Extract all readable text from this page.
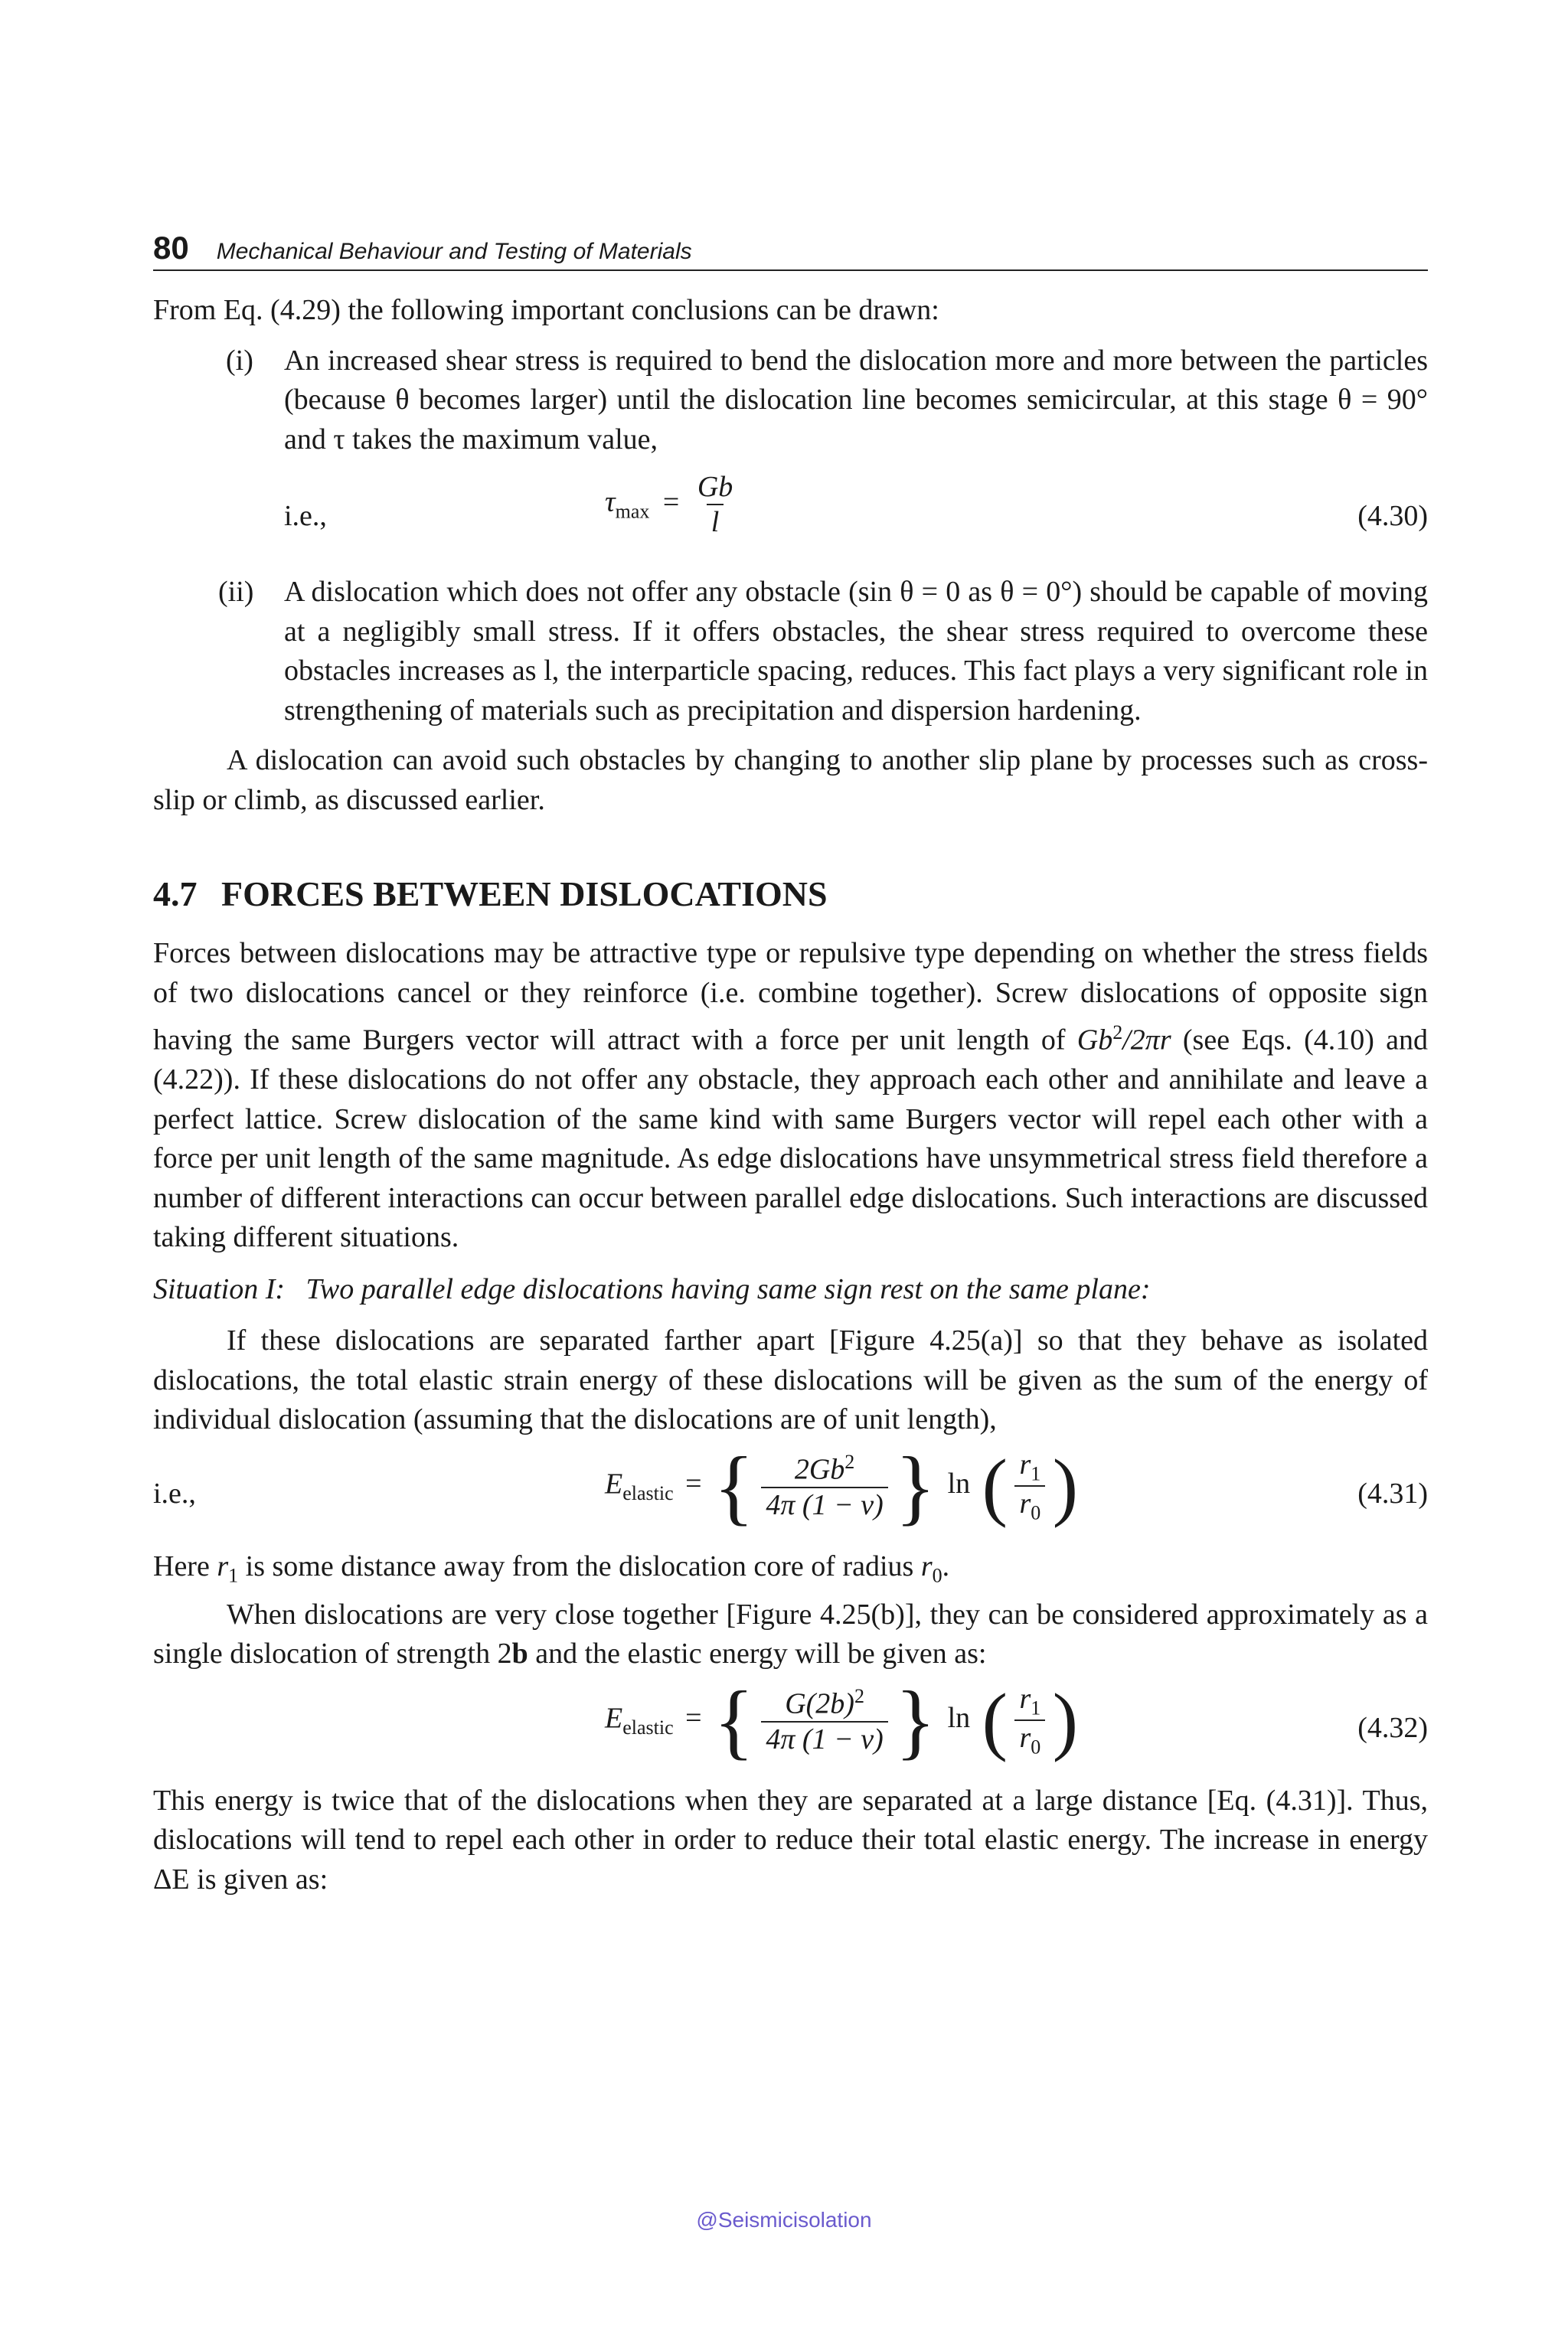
80 Mechanical Behaviour and Testing of Materials

From Eq. (4.29) the following important conclusions can be drawn:

(i) An increased shear stress is required to bend the dislocation more and more between the particles (because θ becomes larger) until the dislocation line becomes semicircular, at this stage θ = 90° and τ takes the maximum value,

i.e.,	$\tau_{max} = \frac{Gb}{l}$	(4.30)

(ii) A dislocation which does not offer any obstacle (sin θ = 0 as θ = 0°) should be capable of moving at a negligibly small stress. If it offers obstacles, the shear stress required to overcome these obstacles increases as l, the interparticle spacing, reduces. This fact plays a very significant role in strengthening of materials such as precipitation and dispersion hardening.

A dislocation can avoid such obstacles by changing to another slip plane by processes such as cross-slip or climb, as discussed earlier.

4.7 FORCES BETWEEN DISLOCATIONS

Forces between dislocations may be attractive type or repulsive type depending on whether the stress fields of two dislocations cancel or they reinforce (i.e. combine together). Screw dislocations of opposite sign having the same Burgers vector will attract with a force per unit length of Gb$^2$/2πr (see Eqs. (4.10) and (4.22)). If these dislocations do not offer any obstacle, they approach each other and annihilate and leave a perfect lattice. Screw dislocation of the same kind with same Burgers vector will repel each other with a force per unit length of the same magnitude. As edge dislocations have unsymmetrical stress field therefore a number of different interactions can occur between parallel edge dislocations. Such interactions are discussed taking different situations.

Situation I: Two parallel edge dislocations having same sign rest on the same plane:

If these dislocations are separated farther apart [Figure 4.25(a)] so that they behave as isolated dislocations, the total elastic strain energy of these dislocations will be given as the sum of the energy of individual dislocation (assuming that the dislocations are of unit length),

i.e.,	$E_{elastic}$ = { $\frac{2Gb^2}{4\pi (1 - \nu)}$ } ln ( $\frac{r_1}{r_0}$ )	(4.31)

Here $r_1$ is some distance away from the dislocation core of radius $r_0$.

When dislocations are very close together [Figure 4.25(b)], they can be considered approximately as a single dislocation of strength 2b and the elastic energy will be given as:

$E_{elastic}$ = { $\frac{G(2b)^2}{4\pi (1 - \nu)}$ } ln ( $\frac{r_1}{r_0}$ )	(4.32)

This energy is twice that of the dislocations when they are separated at a large distance [Eq. (4.31)]. Thus, dislocations will tend to repel each other in order to reduce their total elastic energy. The increase in energy ΔE is given as:

@Seismicisolation
